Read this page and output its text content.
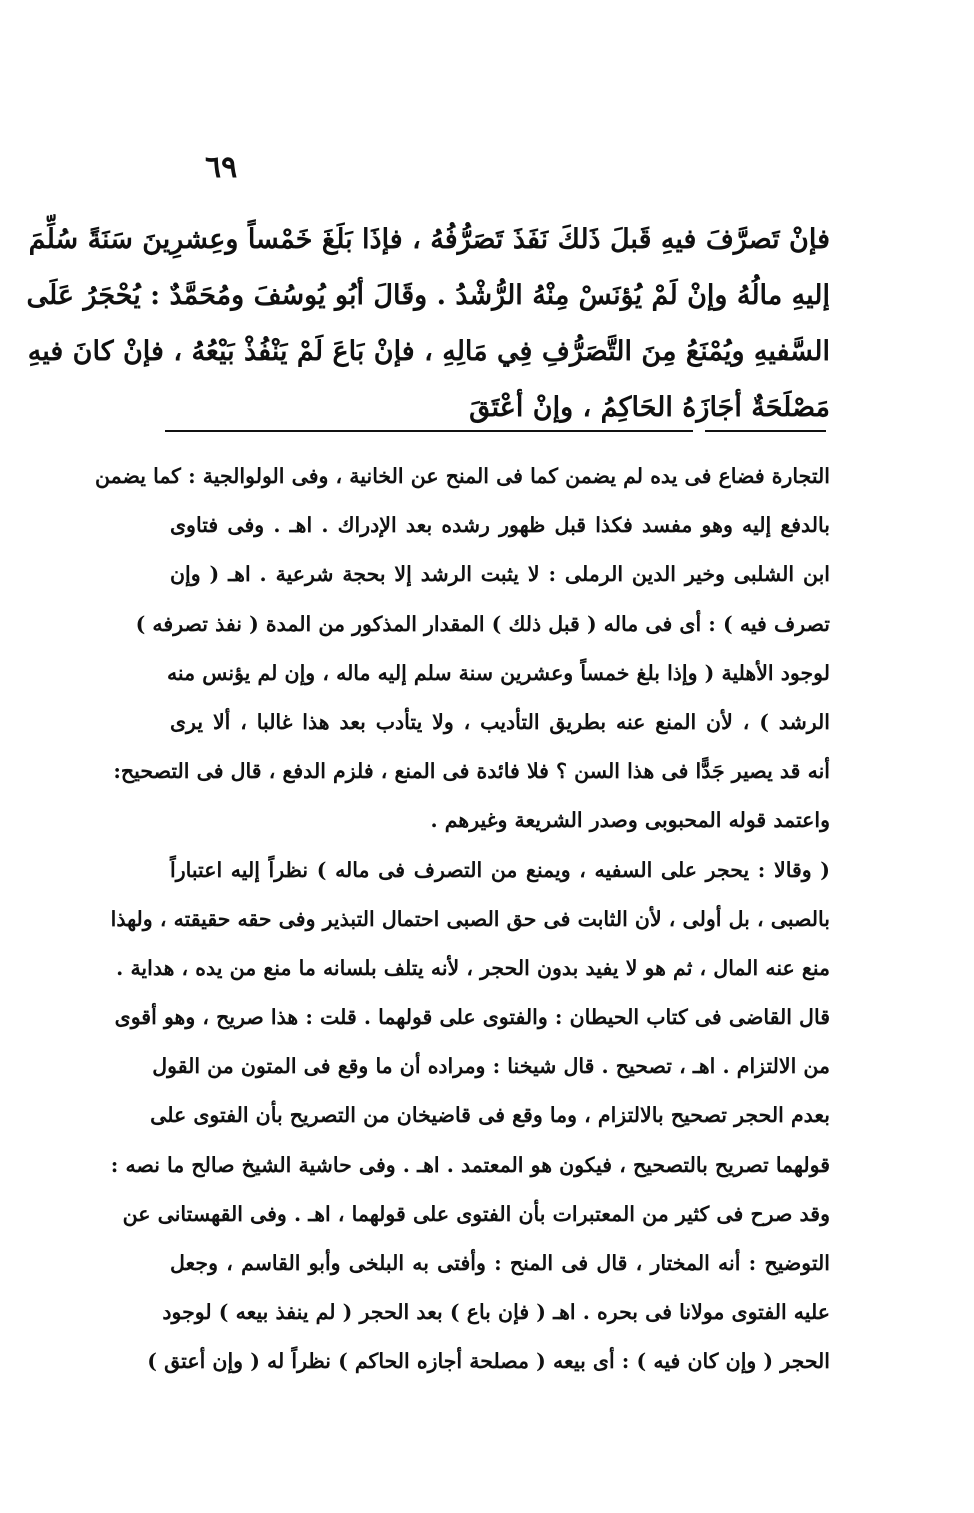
٦٩
فإنْ تَصرَّفَ فيهِ قَبلَ ذَلكَ نَفَذَ تَصَرُّفُهُ ، فإذَا بَلَغَ خَمْساً وعِشرِينَ سَنَةً سُلِّمَ
إليهِ مالُهُ وإنْ لَمْ يُؤنَسْ مِنْهُ الرُّشْدُ . وقَالَ أبُو يُوسُفَ ومُحَمَّدٌ : يُحْجَرُ عَلَى
السَّفيهِ ويُمْنَعُ مِنَ التَّصَرُّفِ فِي مَالِهِ ، فإنْ بَاعَ لَمْ يَنْفُذْ بَيْعُهُ ، فإنْ كانَ فيهِ
مَصْلَحَةٌ أجَازَهُ الحَاكِمُ ، وإنْ أعْتَقَ
التجارة فضاع فى يده لم يضمن كما فى المنح عن الخانية ، وفى الولوالجية : كما يضمن
بالدفع إليه وهو مفسد فكذا قبل ظهور رشده بعد الإدراك . اهـ . وفى فتاوى
ابن الشلبى وخير الدين الرملى : لا يثبت الرشد إلا بحجة شرعية . اهـ ( وإن
تصرف فيه ) : أى فى ماله ( قبل ذلك ) المقدار المذكور من المدة ( نفذ تصرفه )
لوجود الأهلية ( وإذا بلغ خمساً وعشرين سنة سلم إليه ماله ، وإن لم يؤنس منه
الرشد ) ، لأن المنع عنه بطريق التأديب ، ولا يتأدب بعد هذا غالبا ، ألا يرى
أنه قد يصير جَدًّا فى هذا السن ؟ فلا فائدة فى المنع ، فلزم الدفع ، قال فى التصحيح:
واعتمد قوله المحبوبى وصدر الشريعة وغيرهم .
( وقالا : يحجر على السفيه ، ويمنع من التصرف فى ماله ) نظراً إليه اعتباراً
بالصبى ، بل أولى ، لأن الثابت فى حق الصبى احتمال التبذير وفى حقه حقيقته ، ولهذا
منع عنه المال ، ثم هو لا يفيد بدون الحجر ، لأنه يتلف بلسانه ما منع من يده ، هداية .
قال القاضى فى كتاب الحيطان : والفتوى على قولهما . قلت : هذا صريح ، وهو أقوى
من الالتزام . اهـ ، تصحيح . قال شيخنا : ومراده أن ما وقع فى المتون من القول
بعدم الحجر تصحيح بالالتزام ، وما وقع فى قاضيخان من التصريح بأن الفتوى على
قولهما تصريح بالتصحيح ، فيكون هو المعتمد . اهـ . وفى حاشية الشيخ صالح ما نصه :
وقد صرح فى كثير من المعتبرات بأن الفتوى على قولهما ، اهـ . وفى القهستانى عن
التوضيح : أنه المختار ، قال فى المنح : وأفتى به البلخى وأبو القاسم ، وجعل
عليه الفتوى مولانا فى بحره . اهـ ( فإن باع ) بعد الحجر ( لم ينفذ بيعه ) لوجود
الحجر ( وإن كان فيه ) : أى بيعه ( مصلحة أجازه الحاكم ) نظراً له ( وإن أعتق )
